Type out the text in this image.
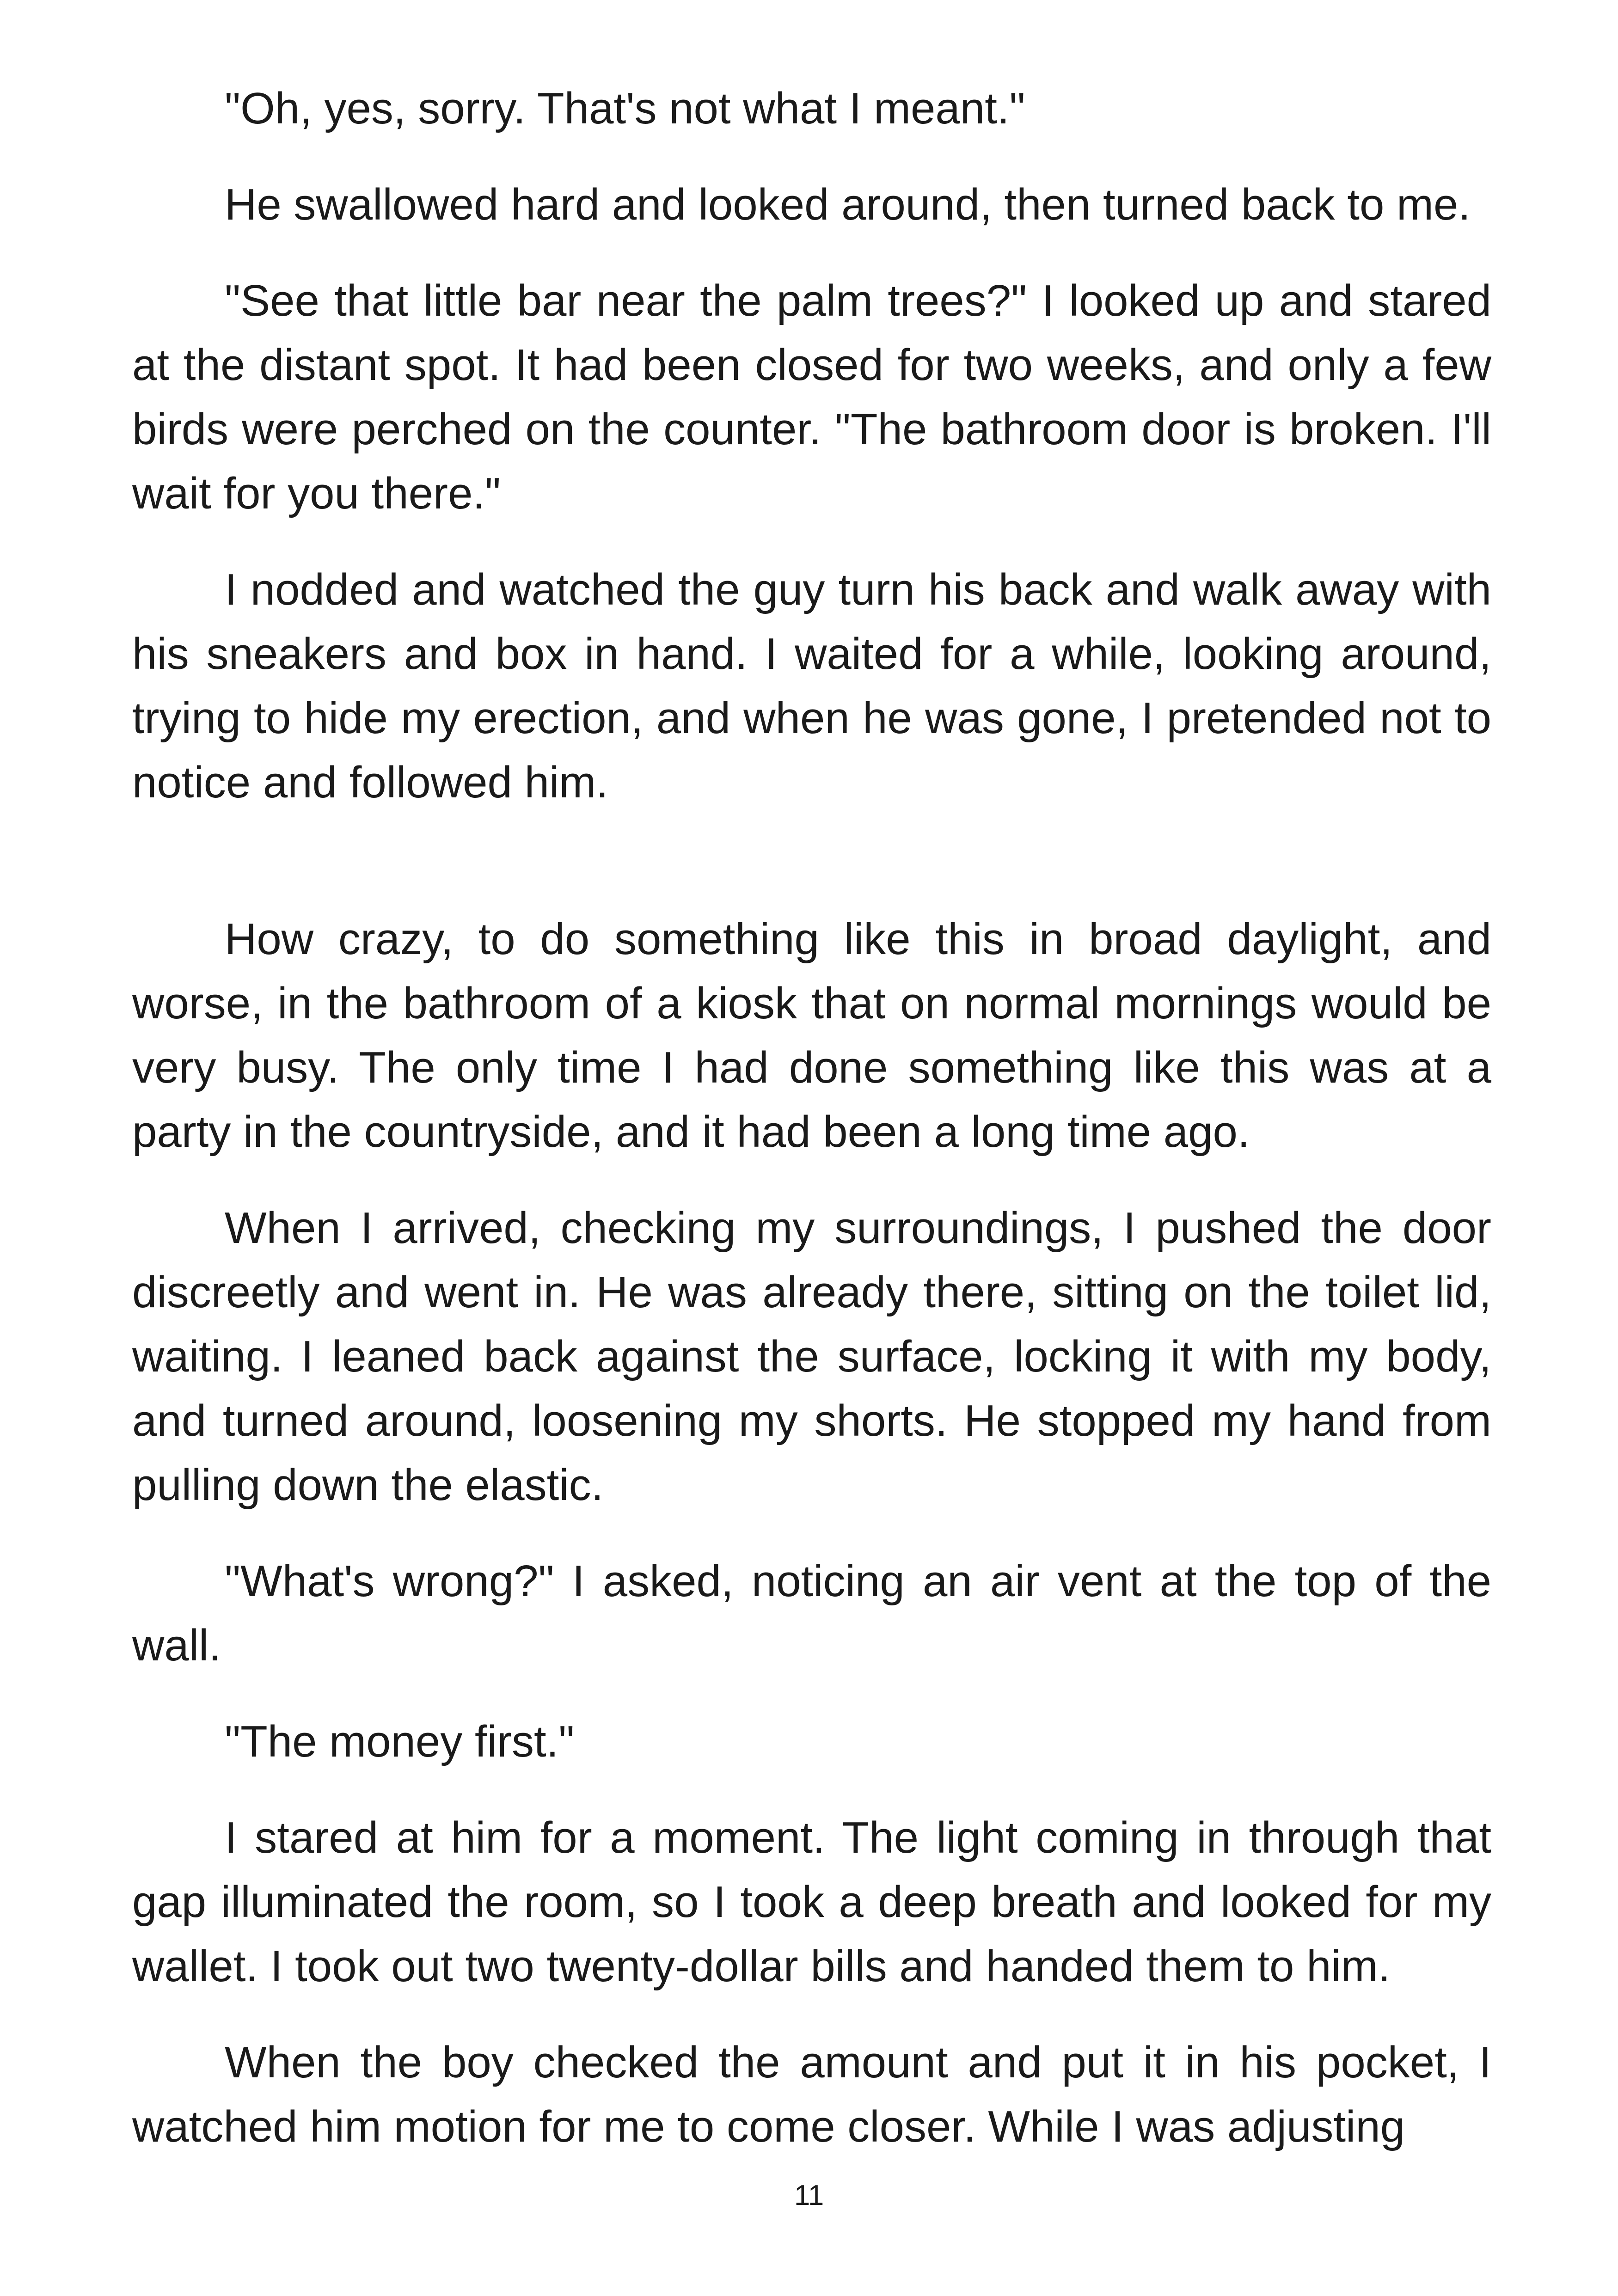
"Oh, yes, sorry. That's not what I meant."

He swallowed hard and looked around, then turned back to me.

"See that little bar near the palm trees?" I looked up and stared at the distant spot. It had been closed for two weeks, and only a few birds were perched on the counter. "The bathroom door is broken. I'll wait for you there."

I nodded and watched the guy turn his back and walk away with his sneakers and box in hand. I waited for a while, looking around, trying to hide my erection, and when he was gone, I pretended not to notice and followed him.

How crazy, to do something like this in broad daylight, and worse, in the bathroom of a kiosk that on normal mornings would be very busy. The only time I had done something like this was at a party in the countryside, and it had been a long time ago.

When I arrived, checking my surroundings, I pushed the door discreetly and went in. He was already there, sitting on the toilet lid, waiting. I leaned back against the surface, locking it with my body, and turned around, loosening my shorts. He stopped my hand from pulling down the elastic.

"What's wrong?" I asked, noticing an air vent at the top of the wall.

"The money first."

I stared at him for a moment. The light coming in through that gap illuminated the room, so I took a deep breath and looked for my wallet. I took out two twenty-dollar bills and handed them to him.

When the boy checked the amount and put it in his pocket, I watched him motion for me to come closer. While I was adjusting

11
